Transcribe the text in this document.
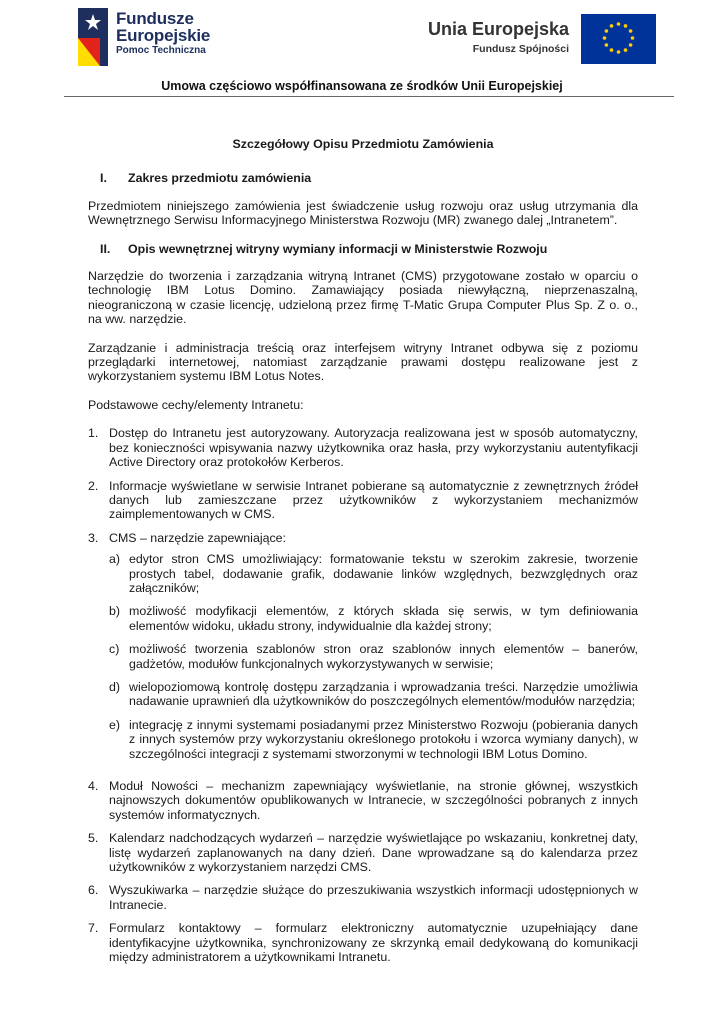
Fundusze
Europejskie
Pomoc Techniczna
Unia Europejska
Fundusz Spójności
Umowa częściowo współfinansowana ze środków Unii Europejskiej
Szczegółowy Opisu Przedmiotu Zamówienia
I.	Zakres przedmiotu zamówienia

Przedmiotem niniejszego zamówienia jest świadczenie usług rozwoju oraz usług utrzymania dla Wewnętrznego Serwisu Informacyjnego Ministerstwa Rozwoju (MR) zwanego dalej „Intranetem”.

II.	Opis wewnętrznej witryny wymiany informacji w Ministerstwie Rozwoju

Narzędzie do tworzenia i zarządzania witryną Intranet (CMS) przygotowane zostało w oparciu o technologię IBM Lotus Domino. Zamawiający posiada niewyłączną, nieprzenaszalną, nieograniczoną w czasie licencję, udzieloną przez firmę T-Matic Grupa Computer Plus Sp. Z o. o., na ww. narzędzie.

Zarządzanie i administracja treścią oraz interfejsem witryny Intranet odbywa się z poziomu przeglądarki internetowej, natomiast zarządzanie prawami dostępu realizowane jest z wykorzystaniem systemu IBM Lotus Notes.

Podstawowe cechy/elementy Intranetu:

1. Dostęp do Intranetu jest autoryzowany. Autoryzacja realizowana jest w sposób automatyczny, bez konieczności wpisywania nazwy użytkownika oraz hasła, przy wykorzystaniu autentyfikacji Active Directory oraz protokołów Kerberos.
2. Informacje wyświetlane w serwisie Intranet pobierane są automatycznie z zewnętrznych źródeł danych lub zamieszczane przez użytkowników z wykorzystaniem mechanizmów zaimplementowanych w CMS.
3. CMS – narzędzie zapewniające:
a) edytor stron CMS umożliwiający: formatowanie tekstu w szerokim zakresie, tworzenie prostych tabel, dodawanie grafik, dodawanie linków względnych, bezwzględnych oraz załączników;
b) możliwość modyfikacji elementów, z których składa się serwis, w tym definiowania elementów widoku, układu strony, indywidualnie dla każdej strony;
c) możliwość tworzenia szablonów stron oraz szablonów innych elementów – banerów, gadżetów, modułów funkcjonalnych wykorzystywanych w serwisie;
d) wielopoziomową kontrolę dostępu zarządzania i wprowadzania treści. Narzędzie umożliwia nadawanie uprawnień dla użytkowników do poszczególnych elementów/modułów narzędzia;
e) integrację z innymi systemami posiadanymi przez Ministerstwo Rozwoju (pobierania danych z innych systemów przy wykorzystaniu określonego protokołu i wzorca wymiany danych), w szczególności integracji z systemami stworzonymi w technologii IBM Lotus Domino.
4. Moduł Nowości – mechanizm zapewniający wyświetlanie, na stronie głównej, wszystkich najnowszych dokumentów opublikowanych w Intranecie, w szczególności pobranych z innych systemów informatycznych.
5. Kalendarz nadchodzących wydarzeń – narzędzie wyświetlające po wskazaniu, konkretnej daty, listę wydarzeń zaplanowanych na dany dzień. Dane wprowadzane są do kalendarza przez użytkowników z wykorzystaniem narzędzi CMS.
6. Wyszukiwarka – narzędzie służące do przeszukiwania wszystkich informacji udostępnionych w Intranecie.
7. Formularz kontaktowy – formularz elektroniczny automatycznie uzupełniający dane identyfikacyjne użytkownika, synchronizowany ze skrzynką email dedykowaną do komunikacji między administratorem a użytkownikami Intranetu.
